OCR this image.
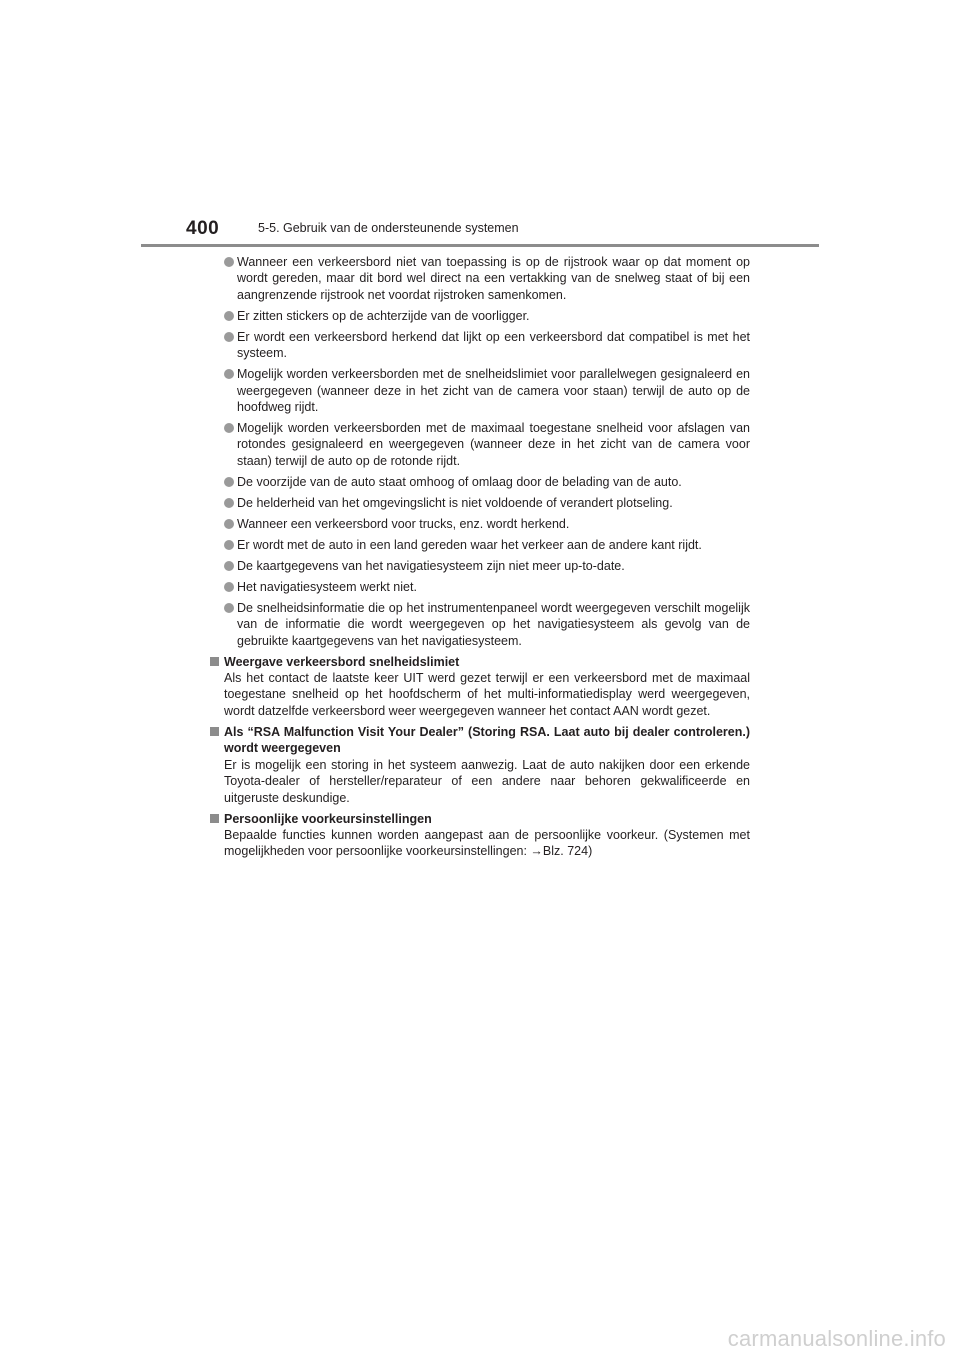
400	5-5. Gebruik van de ondersteunende systemen
Wanneer een verkeersbord niet van toepassing is op de rijstrook waar op dat moment op wordt gereden, maar dit bord wel direct na een vertakking van de snelweg staat of bij een aangrenzende rijstrook net voordat rijstroken samenkomen.
Er zitten stickers op de achterzijde van de voorligger.
Er wordt een verkeersbord herkend dat lijkt op een verkeersbord dat compatibel is met het systeem.
Mogelijk worden verkeersborden met de snelheidslimiet voor parallelwegen gesignaleerd en weergegeven (wanneer deze in het zicht van de camera voor staan) terwijl de auto op de hoofdweg rijdt.
Mogelijk worden verkeersborden met de maximaal toegestane snelheid voor afslagen van rotondes gesignaleerd en weergegeven (wanneer deze in het zicht van de camera voor staan) terwijl de auto op de rotonde rijdt.
De voorzijde van de auto staat omhoog of omlaag door de belading van de auto.
De helderheid van het omgevingslicht is niet voldoende of verandert plotseling.
Wanneer een verkeersbord voor trucks, enz. wordt herkend.
Er wordt met de auto in een land gereden waar het verkeer aan de andere kant rijdt.
De kaartgegevens van het navigatiesysteem zijn niet meer up-to-date.
Het navigatiesysteem werkt niet.
De snelheidsinformatie die op het instrumentenpaneel wordt weergegeven verschilt mogelijk van de informatie die wordt weergegeven op het navigatiesysteem als gevolg van de gebruikte kaartgegevens van het navigatiesysteem.
Weergave verkeersbord snelheidslimiet
Als het contact de laatste keer UIT werd gezet terwijl er een verkeersbord met de maximaal toegestane snelheid op het hoofdscherm of het multi-informatiedisplay werd weergegeven, wordt datzelfde verkeersbord weer weergegeven wanneer het contact AAN wordt gezet.
Als “RSA Malfunction Visit Your Dealer” (Storing RSA. Laat auto bij dealer controleren.) wordt weergegeven
Er is mogelijk een storing in het systeem aanwezig. Laat de auto nakijken door een erkende Toyota-dealer of hersteller/reparateur of een andere naar behoren gekwalificeerde en uitgeruste deskundige.
Persoonlijke voorkeursinstellingen
Bepaalde functies kunnen worden aangepast aan de persoonlijke voorkeur. (Systemen met mogelijkheden voor persoonlijke voorkeursinstellingen: →Blz. 724)
carmanualsonline.info
